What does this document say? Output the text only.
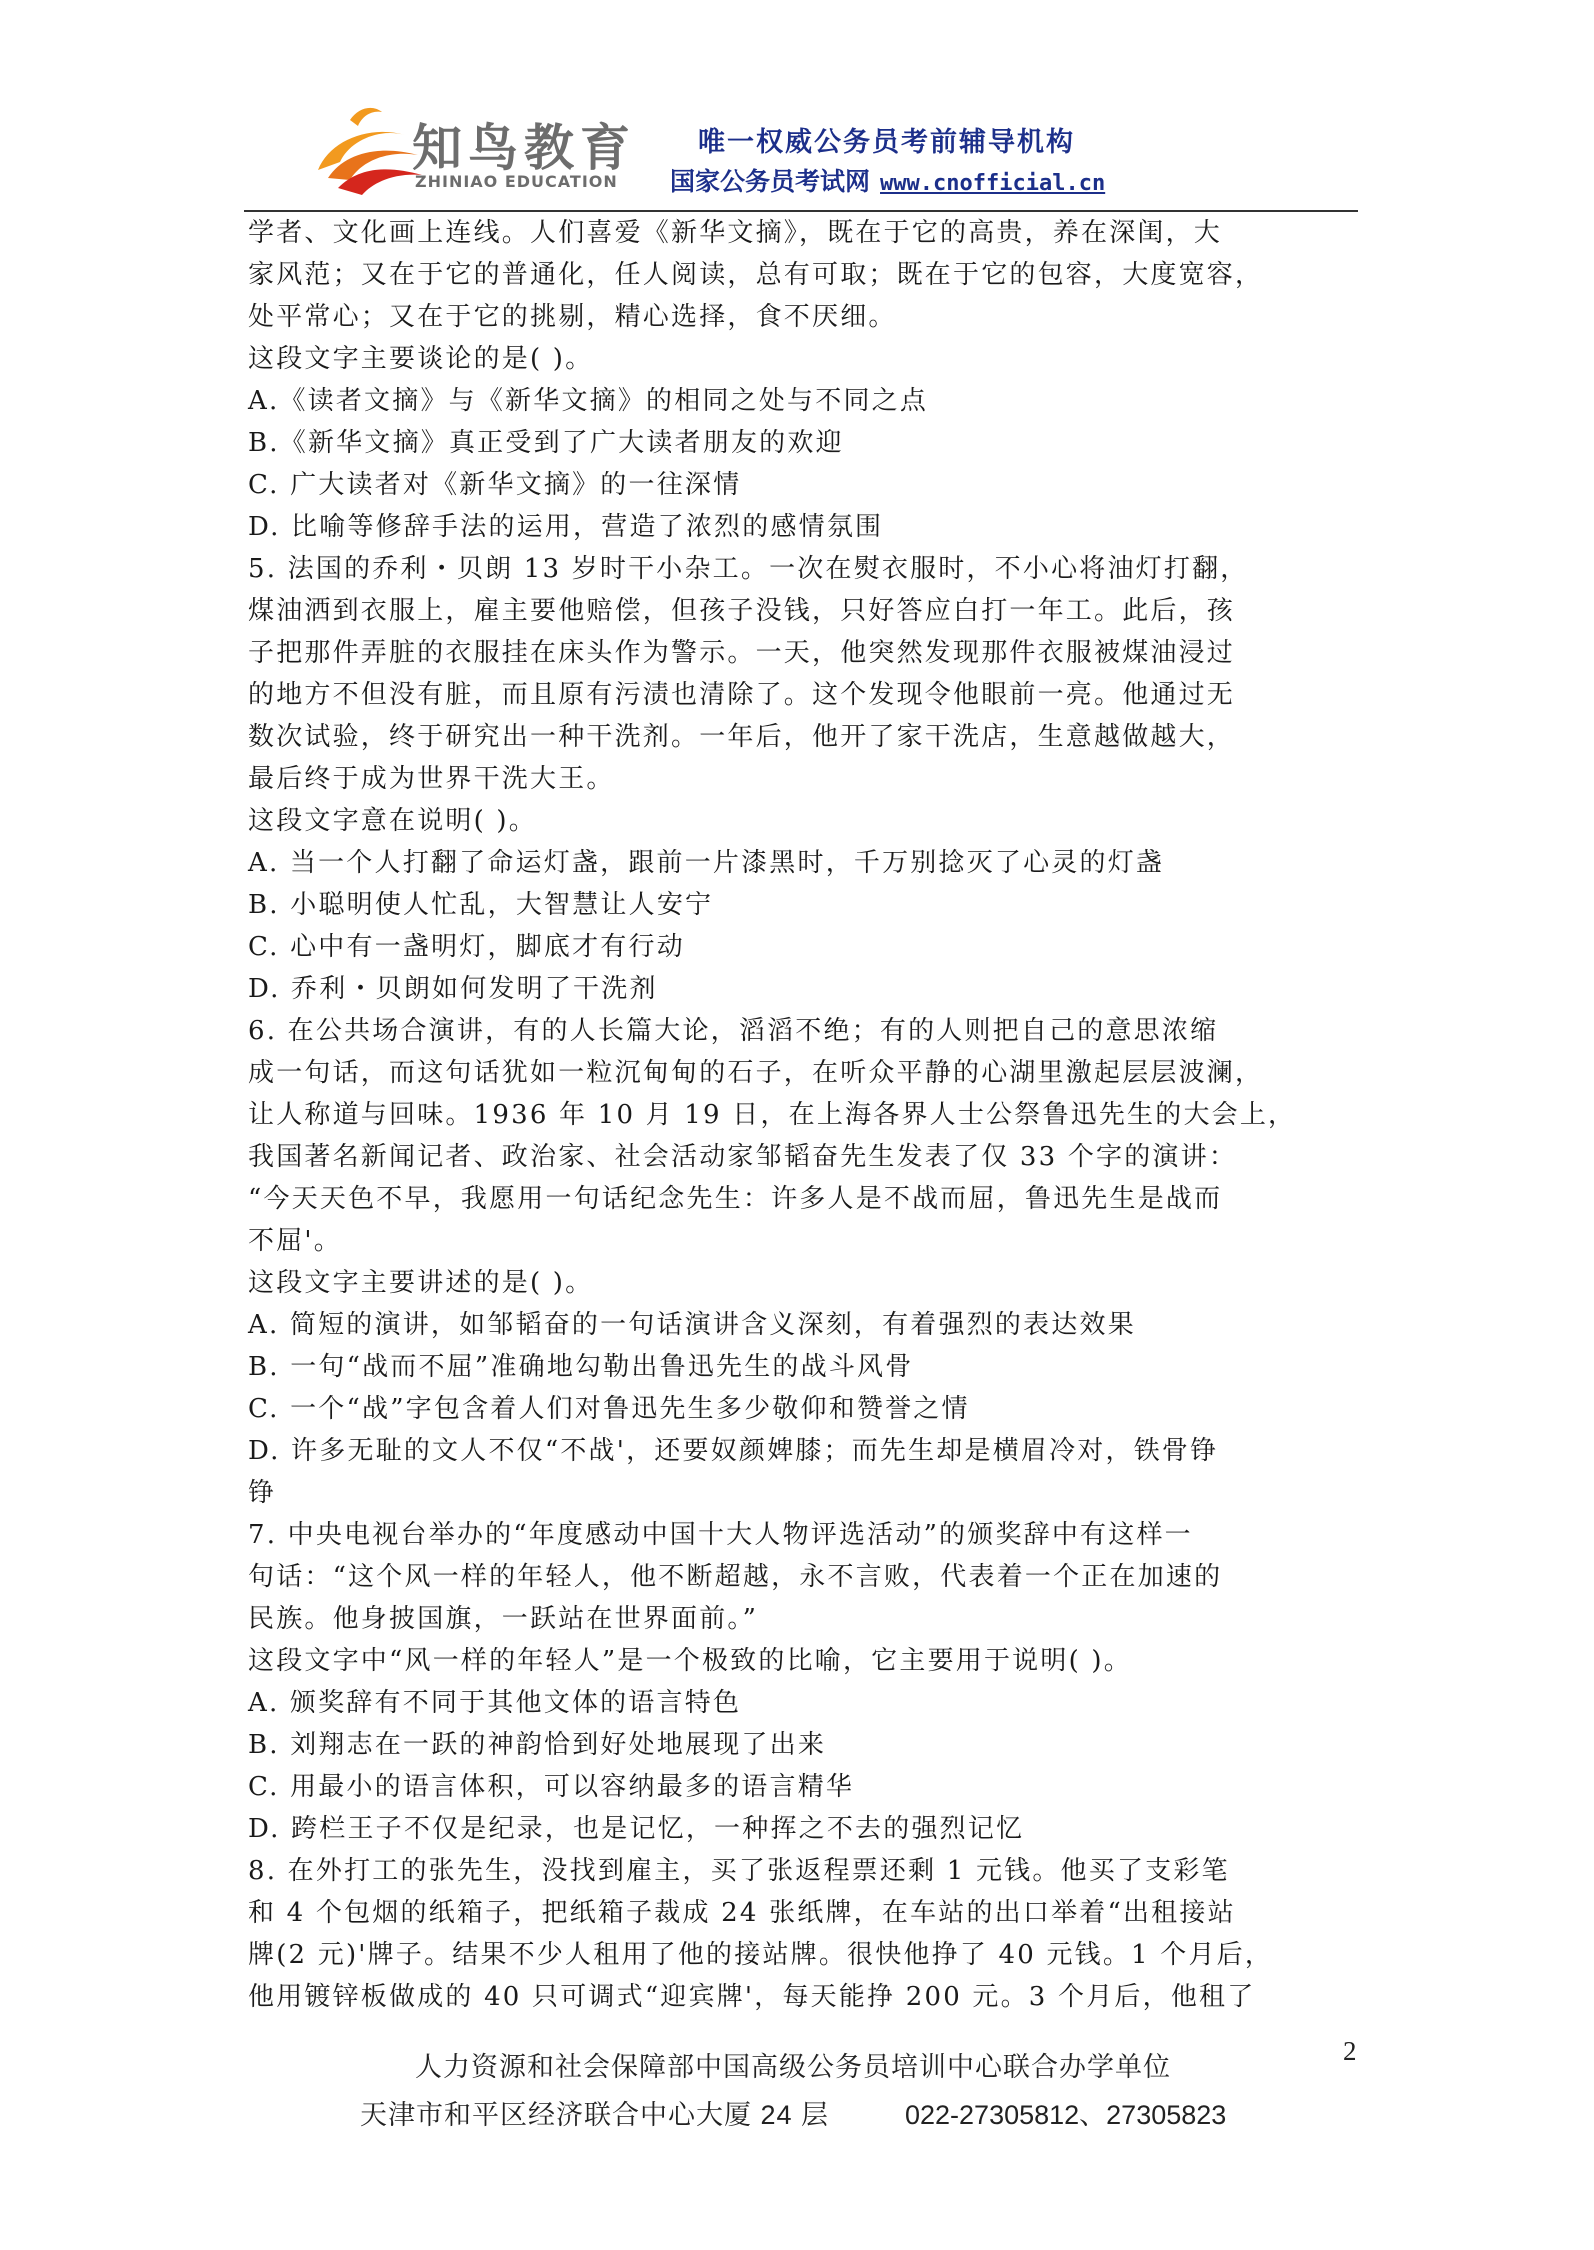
知鸟教育
ZHINIAO EDUCATION
唯一权威公务员考前辅导机构
国家公务员考试网 www.cnofficial.cn
学者、文化画上连线。人们喜爱《新华文摘》，既在于它的高贵，养在深闺，大
家风范；又在于它的普通化，任人阅读，总有可取；既在于它的包容，大度宽容，
处平常心；又在于它的挑剔，精心选择，食不厌细。
这段文字主要谈论的是( )。
A.《读者文摘》与《新华文摘》的相同之处与不同之点
B.《新华文摘》真正受到了广大读者朋友的欢迎
C. 广大读者对《新华文摘》的一往深情
D. 比喻等修辞手法的运用，营造了浓烈的感情氛围
5. 法国的乔利・贝朗 13 岁时干小杂工。一次在熨衣服时，不小心将油灯打翻，
煤油洒到衣服上，雇主要他赔偿，但孩子没钱，只好答应白打一年工。此后，孩
子把那件弄脏的衣服挂在床头作为警示。一天，他突然发现那件衣服被煤油浸过
的地方不但没有脏，而且原有污渍也清除了。这个发现令他眼前一亮。他通过无
数次试验，终于研究出一种干洗剂。一年后，他开了家干洗店，生意越做越大，
最后终于成为世界干洗大王。
这段文字意在说明( )。
A. 当一个人打翻了命运灯盏，跟前一片漆黑时，千万别捻灭了心灵的灯盏
B. 小聪明使人忙乱，大智慧让人安宁
C. 心中有一盏明灯，脚底才有行动
D. 乔利・贝朗如何发明了干洗剂
6. 在公共场合演讲，有的人长篇大论，滔滔不绝；有的人则把自己的意思浓缩
成一句话，而这句话犹如一粒沉甸甸的石子，在听众平静的心湖里激起层层波澜，
让人称道与回味。1936 年 10 月 19 日，在上海各界人士公祭鲁迅先生的大会上，
我国著名新闻记者、政治家、社会活动家邹韬奋先生发表了仅 33 个字的演讲：
“今天天色不早，我愿用一句话纪念先生：许多人是不战而屈，鲁迅先生是战而
不屈'。
这段文字主要讲述的是( )。
A. 简短的演讲，如邹韬奋的一句话演讲含义深刻，有着强烈的表达效果
B. 一句“战而不屈”准确地勾勒出鲁迅先生的战斗风骨
C. 一个“战”字包含着人们对鲁迅先生多少敬仰和赞誉之情
D. 许多无耻的文人不仅“不战'，还要奴颜婢膝；而先生却是横眉冷对，铁骨铮
铮
7. 中央电视台举办的“年度感动中国十大人物评选活动”的颁奖辞中有这样一
句话：“这个风一样的年轻人，他不断超越，永不言败，代表着一个正在加速的
民族。他身披国旗，一跃站在世界面前。”
这段文字中“风一样的年轻人”是一个极致的比喻，它主要用于说明( )。
A. 颁奖辞有不同于其他文体的语言特色
B. 刘翔志在一跃的神韵恰到好处地展现了出来
C. 用最小的语言体积，可以容纳最多的语言精华
D. 跨栏王子不仅是纪录，也是记忆，一种挥之不去的强烈记忆
8. 在外打工的张先生，没找到雇主，买了张返程票还剩 1 元钱。他买了支彩笔
和 4 个包烟的纸箱子，把纸箱子裁成 24 张纸牌，在车站的出口举着“出租接站
牌(2 元)'牌子。结果不少人租用了他的接站牌。很快他挣了 40 元钱。1 个月后，
他用镀锌板做成的 40 只可调式“迎宾牌'，每天能挣 200 元。3 个月后，他租了
人力资源和社会保障部中国高级公务员培训中心联合办学单位
天津市和平区经济联合中心大厦 24 层	022-27305812、27305823
2
